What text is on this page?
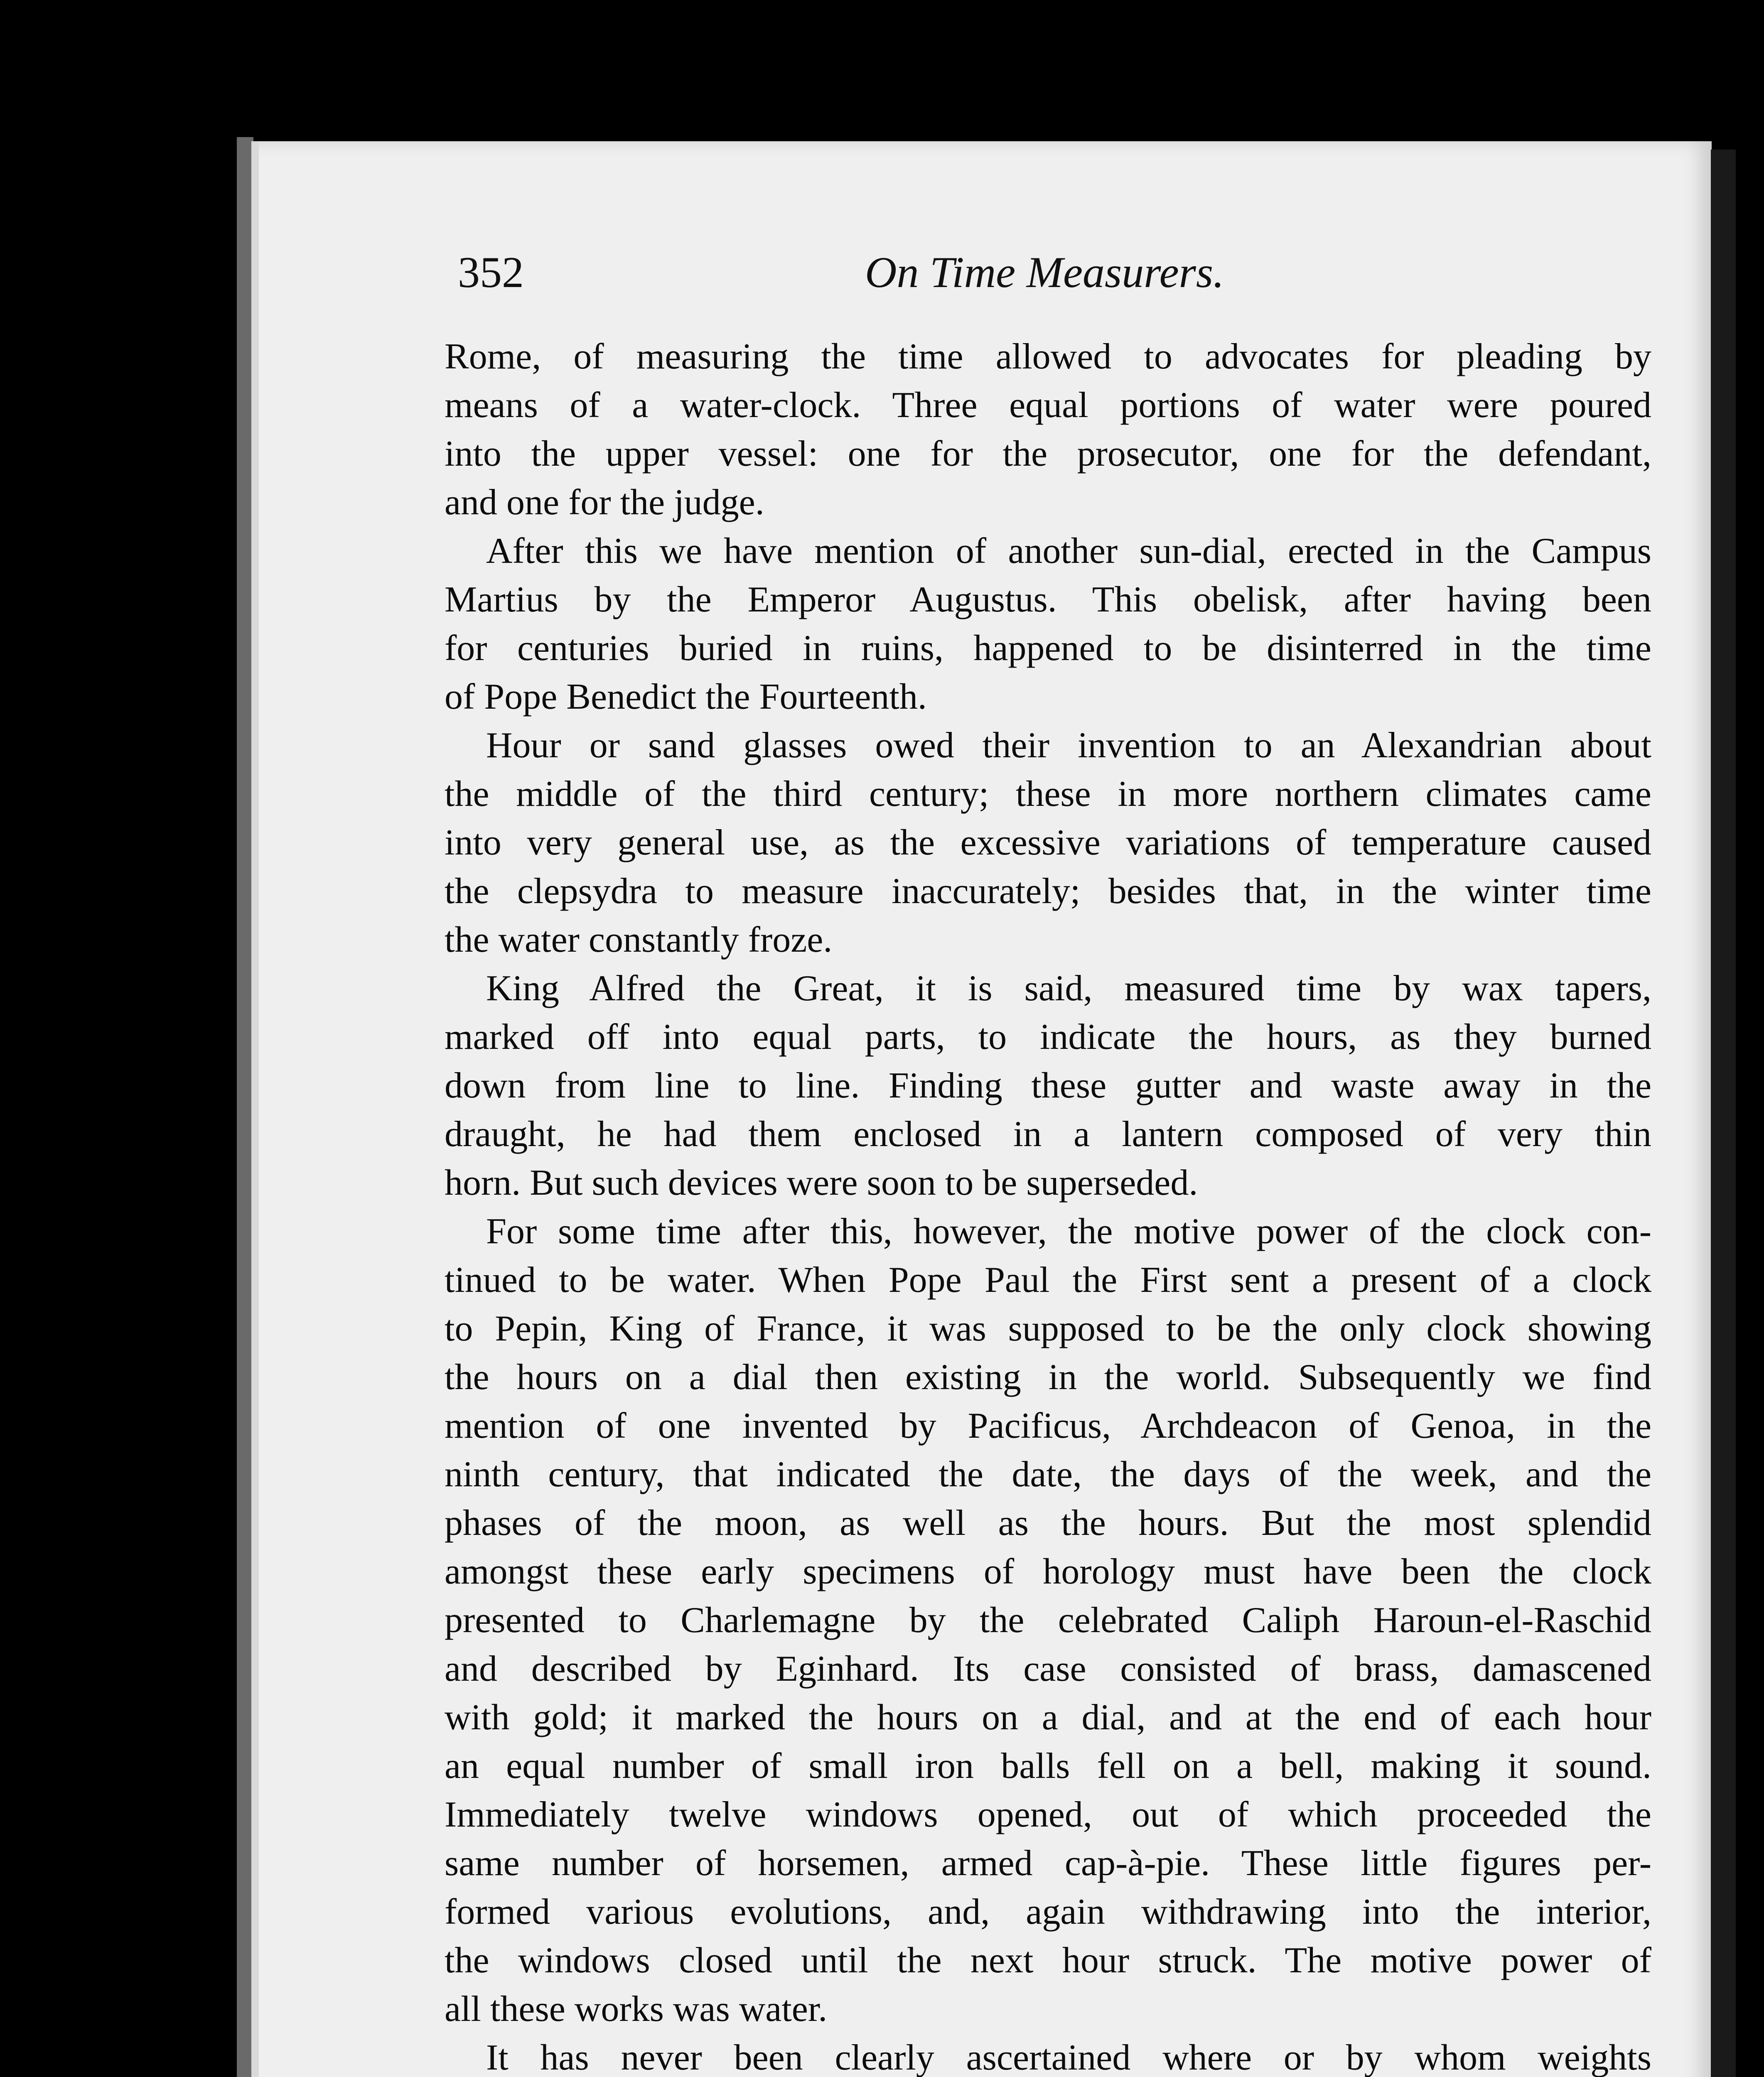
352	On Time Measurers.

Rome, of measuring the time allowed to advocates for pleading by
means of a water-clock. Three equal portions of water were poured
into the upper vessel: one for the prosecutor, one for the defendant,
and one for the judge.

After this we have mention of another sun-dial, erected in the Campus
Martius by the Emperor Augustus. This obelisk, after having been
for centuries buried in ruins, happened to be disinterred in the time
of Pope Benedict the Fourteenth.

Hour or sand glasses owed their invention to an Alexandrian about
the middle of the third century; these in more northern climates came
into very general use, as the excessive variations of temperature caused
the clepsydra to measure inaccurately; besides that, in the winter time
the water constantly froze.

King Alfred the Great, it is said, measured time by wax tapers,
marked off into equal parts, to indicate the hours, as they burned
down from line to line. Finding these gutter and waste away in the
draught, he had them enclosed in a lantern composed of very thin
horn. But such devices were soon to be superseded.

For some time after this, however, the motive power of the clock con-
tinued to be water. When Pope Paul the First sent a present of a clock
to Pepin, King of France, it was supposed to be the only clock showing
the hours on a dial then existing in the world. Subsequently we find
mention of one invented by Pacificus, Archdeacon of Genoa, in the
ninth century, that indicated the date, the days of the week, and the
phases of the moon, as well as the hours. But the most splendid
amongst these early specimens of horology must have been the clock
presented to Charlemagne by the celebrated Caliph Haroun-el-Raschid
and described by Eginhard. Its case consisted of brass, damascened
with gold; it marked the hours on a dial, and at the end of each hour
an equal number of small iron balls fell on a bell, making it sound.
Immediately twelve windows opened, out of which proceeded the
same number of horsemen, armed cap-à-pie. These little figures per-
formed various evolutions, and, again withdrawing into the interior,
the windows closed until the next hour struck. The motive power of
all these works was water.

It has never been clearly ascertained where or by whom weights
